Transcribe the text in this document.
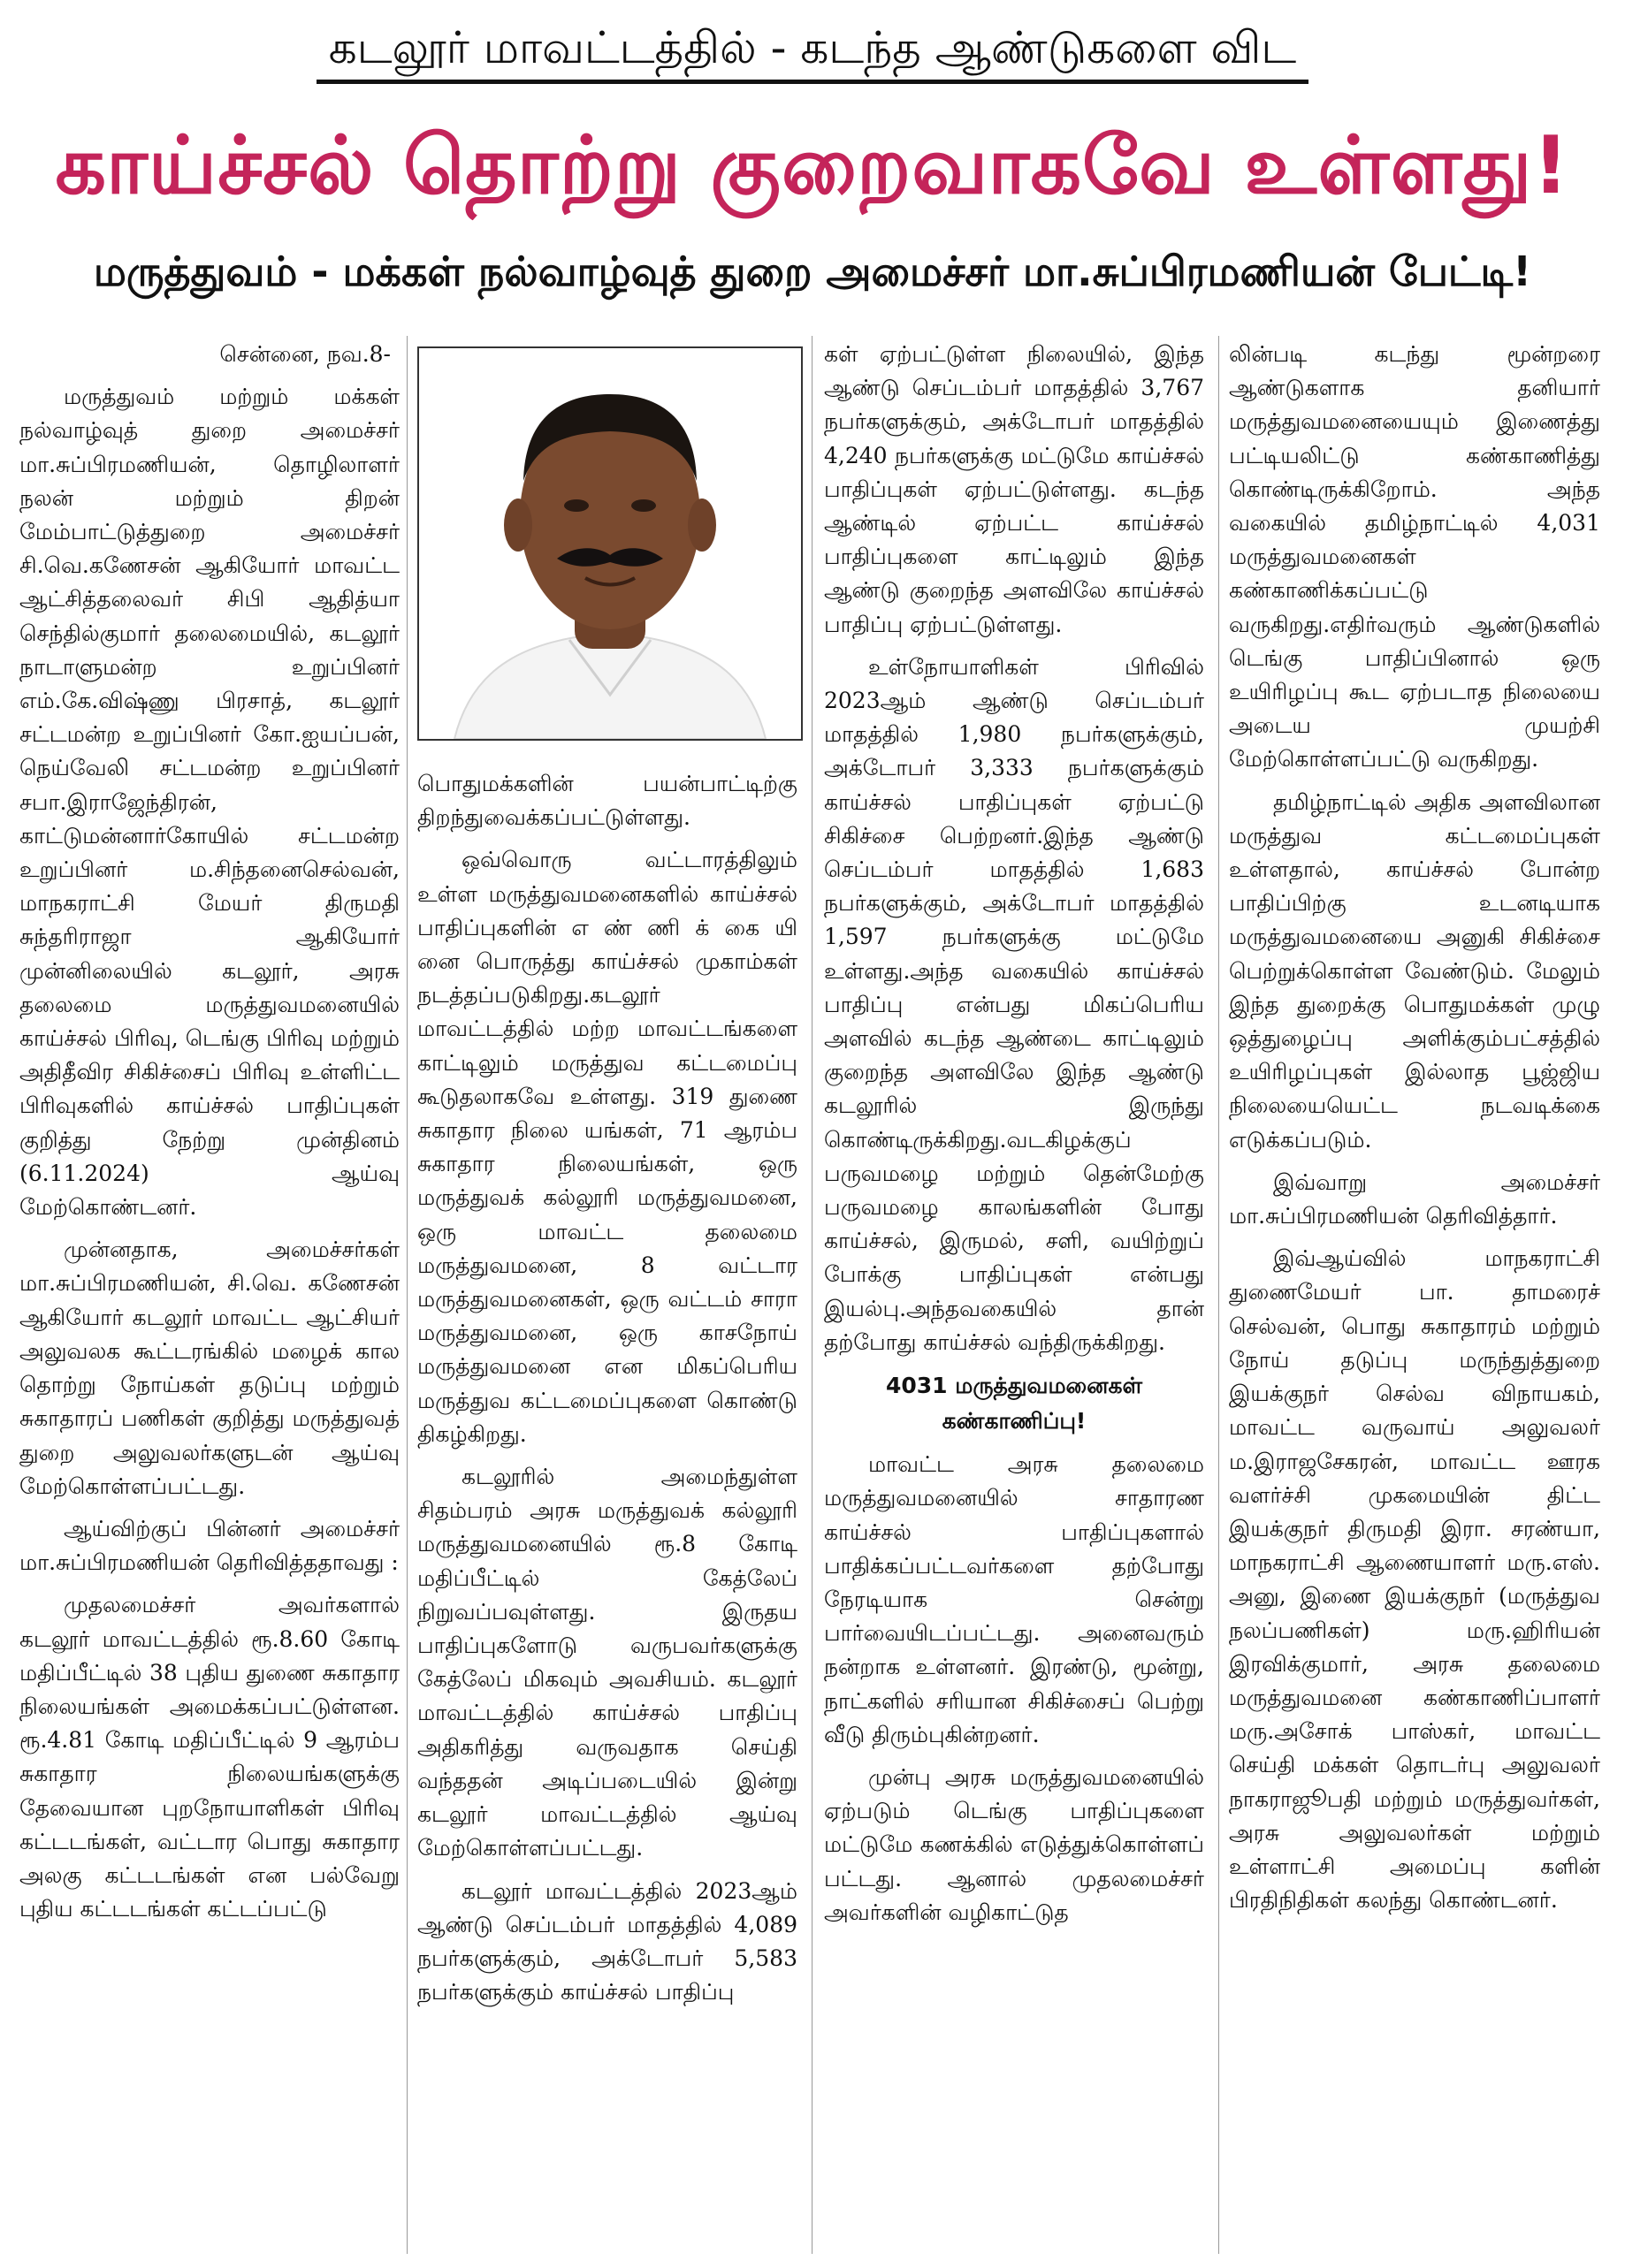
கடலூர் மாவட்டத்தில் - கடந்த ஆண்டுகளை விட
காய்ச்சல் தொற்று குறைவாகவே உள்ளது!
மருத்துவம் - மக்கள் நல்வாழ்வுத் துறை அமைச்சர் மா.சுப்பிரமணியன் பேட்டி!

சென்னை, நவ.8-

மருத்துவம் மற்றும் மக்கள் நல்வாழ்வுத் துறை அமைச்சர் மா.சுப்பிரமணியன், தொழிலாளர் நலன் மற்றும் திறன் மேம்பாட்டுத்துறை அமைச்சர் சி.வெ.கணேசன் ஆகியோர் மாவட்ட ஆட்சித்தலைவர் சிபி ஆதித்யா செந்தில்குமார் தலைமையில், கடலூர் நாடாளுமன்ற உறுப்பினர் எம்.கே.விஷ்ணு பிரசாத், கடலூர் சட்டமன்ற உறுப்பினர் கோ.ஐயப்பன், நெய்வேலி சட்டமன்ற உறுப்பினர் சபா.இராஜேந்திரன், காட்டுமன்னார்கோயில் சட்டமன்ற உறுப்பினர் ம.சிந்தனைசெல்வன், மாநகராட்சி மேயர் திருமதி சுந்தரிராஜா ஆகியோர் முன்னிலையில் கடலூர், அரசு தலைமை மருத்துவமனையில் காய்ச்சல் பிரிவு, டெங்கு பிரிவு மற்றும் அதிதீவிர சிகிச்சைப் பிரிவு உள்ளிட்ட பிரிவுகளில் காய்ச்சல் பாதிப்புகள் குறித்து நேற்று முன்தினம் (6.11.2024) ஆய்வு மேற்கொண்டனர்.

முன்னதாக, அமைச்சர்கள் மா.சுப்பிரமணியன், சி.வெ. கணேசன் ஆகியோர் கடலூர் மாவட்ட ஆட்சியர் அலுவலக கூட்டரங்கில் மழைக் கால தொற்று நோய்கள் தடுப்பு மற்றும் சுகாதாரப் பணிகள் குறித்து மருத்துவத் துறை அலுவலர்களுடன் ஆய்வு மேற்கொள்ளப்பட்டது.

ஆய்விற்குப் பின்னர் அமைச்சர் மா.சுப்பிரமணியன் தெரிவித்ததாவது :

முதலமைச்சர் அவர்களால் கடலூர் மாவட்டத்தில் ரூ.8.60 கோடி மதிப்பீட்டில் 38 புதிய துணை சுகாதார நிலையங்கள் அமைக்கப்பட்டுள்ளன. ரூ.4.81 கோடி மதிப்பீட்டில் 9 ஆரம்ப சுகாதார நிலையங்களுக்கு தேவையான புறநோயாளிகள் பிரிவு கட்டடங்கள், வட்டார பொது சுகாதார அலகு கட்டடங்கள் என பல்வேறு புதிய கட்டடங்கள் கட்டப்பட்டு

பொதுமக்களின் பயன்பாட்டிற்கு திறந்துவைக்கப்பட்டுள்ளது.

ஒவ்வொரு வட்டாரத்திலும் உள்ள மருத்துவமனைகளில் காய்ச்சல் பாதிப்புகளின் எ ண் ணி க் கை யி னை பொருத்து காய்ச்சல் முகாம்கள் நடத்தப்படுகிறது.கடலூர் மாவட்டத்தில் மற்ற மாவட்டங்களை காட்டிலும் மருத்துவ கட்டமைப்பு கூடுதலாகவே உள்ளது. 319 துணை சுகாதார நிலை யங்கள், 71 ஆரம்ப சுகாதார நிலையங்கள், ஒரு மருத்துவக் கல்லூரி மருத்துவமனை, ஒரு மாவட்ட தலைமை மருத்துவமனை, 8 வட்டார மருத்துவமனைகள், ஒரு வட்டம் சாரா மருத்துவமனை, ஒரு காசநோய் மருத்துவமனை என மிகப்பெரிய மருத்துவ கட்டமைப்புகளை கொண்டு திகழ்கிறது.

கடலூரில் அமைந்துள்ள சிதம்பரம் அரசு மருத்துவக் கல்லூரி மருத்துவமனையில் ரூ.8 கோடி மதிப்பீட்டில் கேத்லேப் நிறுவப்பவுள்ளது. இருதய பாதிப்புகளோடு வருபவர்களுக்கு கேத்லேப் மிகவும் அவசியம். கடலூர் மாவட்டத்தில் காய்ச்சல் பாதிப்பு அதிகரித்து வருவதாக செய்தி வந்ததன் அடிப்படையில் இன்று கடலூர் மாவட்டத்தில் ஆய்வு மேற்கொள்ளப்பட்டது.

கடலூர் மாவட்டத்தில் 2023ஆம் ஆண்டு செப்டம்பர் மாதத்தில் 4,089 நபர்களுக்கும், அக்டோபர் 5,583 நபர்களுக்கும் காய்ச்சல் பாதிப்பு

கள் ஏற்பட்டுள்ள நிலையில், இந்த ஆண்டு செப்டம்பர் மாதத்தில் 3,767 நபர்களுக்கும், அக்டோபர் மாதத்தில் 4,240 நபர்களுக்கு மட்டுமே காய்ச்சல் பாதிப்புகள் ஏற்பட்டுள்ளது. கடந்த ஆண்டில் ஏற்பட்ட காய்ச்சல் பாதிப்புகளை காட்டிலும் இந்த ஆண்டு குறைந்த அளவிலே காய்ச்சல் பாதிப்பு ஏற்பட்டுள்ளது.

உள்நோயாளிகள் பிரிவில் 2023ஆம் ஆண்டு செப்டம்பர் மாதத்தில் 1,980 நபர்களுக்கும், அக்டோபர் 3,333 நபர்களுக்கும் காய்ச்சல் பாதிப்புகள் ஏற்பட்டு சிகிச்சை பெற்றனர்.இந்த ஆண்டு செப்டம்பர் மாதத்தில் 1,683 நபர்களுக்கும், அக்டோபர் மாதத்தில் 1,597 நபர்களுக்கு மட்டுமே உள்ளது.அந்த வகையில் காய்ச்சல் பாதிப்பு என்பது மிகப்பெரிய அளவில் கடந்த ஆண்டை காட்டிலும் குறைந்த அளவிலே இந்த ஆண்டு கடலூரில் இருந்து கொண்டிருக்கிறது.வடகிழக்குப் பருவமழை மற்றும் தென்மேற்கு பருவமழை காலங்களின் போது காய்ச்சல், இருமல், சளி, வயிற்றுப் போக்கு பாதிப்புகள் என்பது இயல்பு.அந்தவகையில் தான் தற்போது காய்ச்சல் வந்திருக்கிறது.

4031 மருத்துவமனைகள் கண்காணிப்பு!

மாவட்ட அரசு தலைமை மருத்துவமனையில் சாதாரண காய்ச்சல் பாதிப்புகளால் பாதிக்கப்பட்டவர்களை தற்போது நேரடியாக சென்று பார்வையிடப்பட்டது. அனைவரும் நன்றாக உள்ளனர். இரண்டு, மூன்று, நாட்களில் சரியான சிகிச்சைப் பெற்று வீடு திரும்புகின்றனர்.

முன்பு அரசு மருத்துவமனையில் ஏற்படும் டெங்கு பாதிப்புகளை மட்டுமே கணக்கில் எடுத்துக்கொள்ளப் பட்டது. ஆனால் முதலமைச்சர் அவர்களின் வழிகாட்டுத

லின்படி கடந்து மூன்றரை ஆண்டுகளாக தனியார் மருத்துவமனையையும் இணைத்து பட்டியலிட்டு கண்காணித்து கொண்டிருக்கிறோம். அந்த வகையில் தமிழ்நாட்டில் 4,031 மருத்துவமனைகள் கண்காணிக்கப்பட்டு வருகிறது.எதிர்வரும் ஆண்டுகளில் டெங்கு பாதிப்பினால் ஒரு உயிரிழப்பு கூட ஏற்படாத நிலையை அடைய முயற்சி மேற்கொள்ளப்பட்டு வருகிறது.

தமிழ்நாட்டில் அதிக அளவிலான மருத்துவ கட்டமைப்புகள் உள்ளதால், காய்ச்சல் போன்ற பாதிப்பிற்கு உடனடியாக மருத்துவமனையை அனுகி சிகிச்சை பெற்றுக்கொள்ள வேண்டும். மேலும் இந்த துறைக்கு பொதுமக்கள் முழு ஒத்துழைப்பு அளிக்கும்பட்சத்தில் உயிரிழப்புகள் இல்லாத பூஜ்ஜிய நிலையையெட்ட நடவடிக்கை எடுக்கப்படும்.

இவ்வாறு அமைச்சர் மா.சுப்பிரமணியன் தெரிவித்தார்.

இவ்ஆய்வில் மாநகராட்சி துணைமேயர் பா. தாமரைச் செல்வன், பொது சுகாதாரம் மற்றும் நோய் தடுப்பு மருந்துத்துறை இயக்குநர் செல்வ விநாயகம், மாவட்ட வருவாய் அலுவலர் ம.இராஜசேகரன், மாவட்ட ஊரக வளர்ச்சி முகமையின் திட்ட இயக்குநர் திருமதி இரா. சரண்யா, மாநகராட்சி ஆணையாளர் மரு.எஸ். அனு, இணை இயக்குநர் (மருத்துவ நலப்பணிகள்) மரு.ஹிரியன் இரவிக்குமார், அரசு தலைமை மருத்துவமனை கண்காணிப்பாளர் மரு.அசோக் பாஸ்கர், மாவட்ட செய்தி மக்கள் தொடர்பு அலுவலர் நாகராஜூபதி மற்றும் மருத்துவர்கள், அரசு அலுவலர்கள் மற்றும் உள்ளாட்சி அமைப்பு களின் பிரதிநிதிகள் கலந்து கொண்டனர்.
